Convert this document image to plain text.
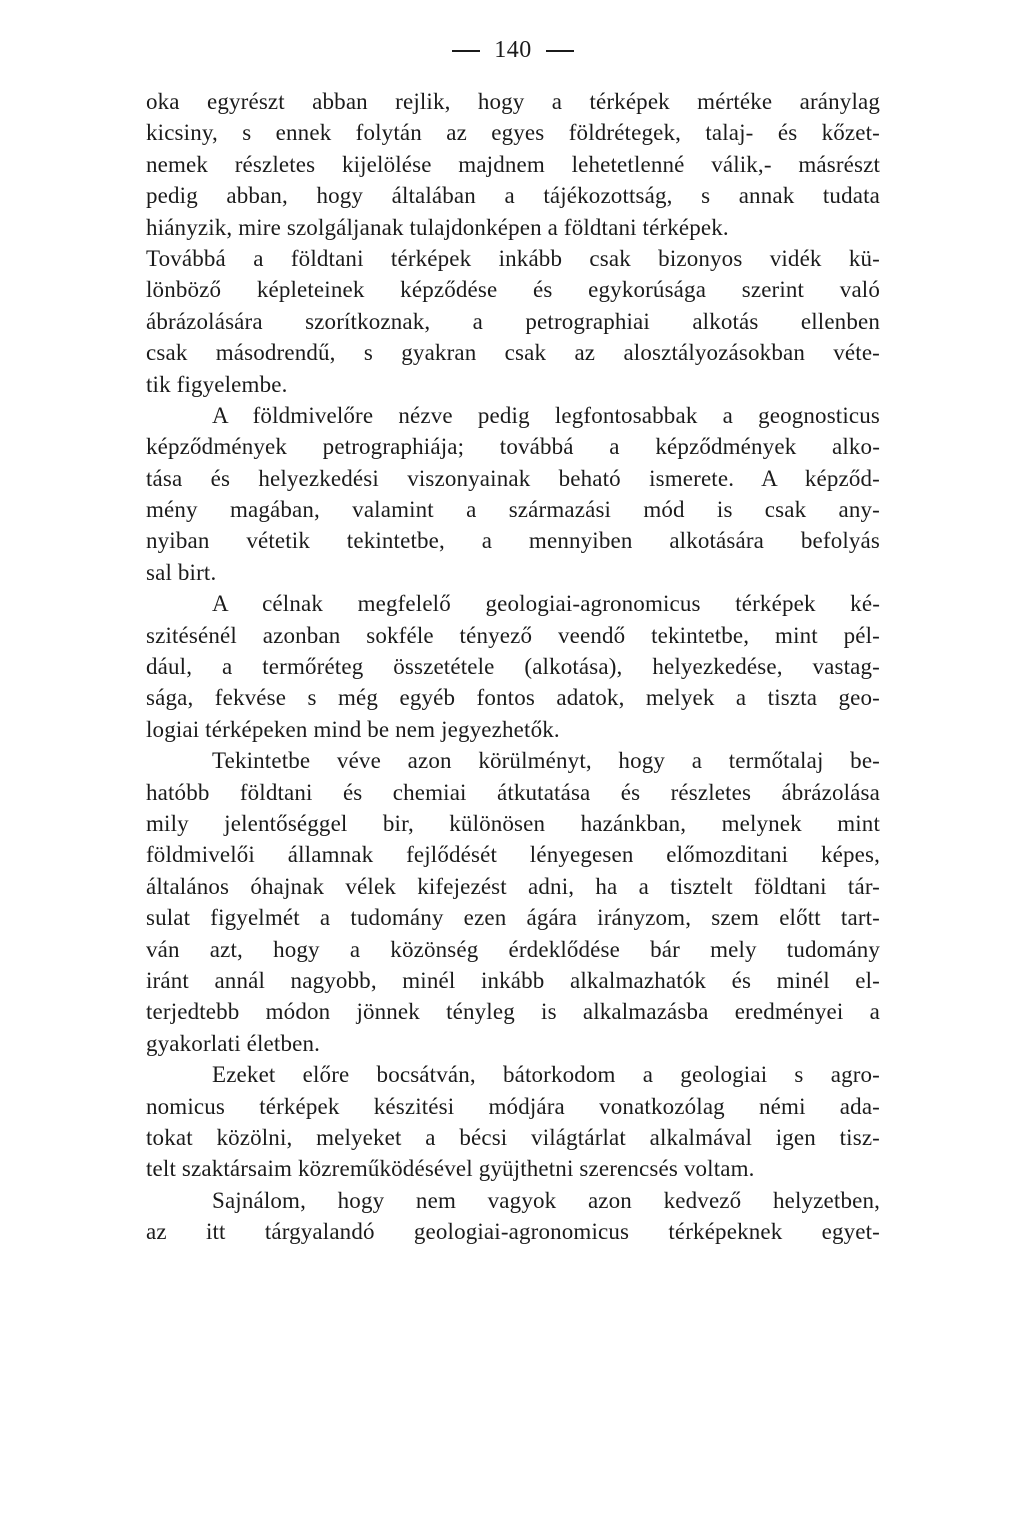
140
oka egyrészt abban rejlik, hogy a térképek mértéke aránylag
kicsiny, s ennek folytán az egyes földrétegek, talaj- és kőzet-
nemek részletes kijelölése majdnem lehetetlenné válik,- másrészt
pedig abban, hogy általában a tájékozottság, s annak tudata
hiányzik, mire szolgáljanak tulajdonképen a földtani térképek.
Továbbá a földtani térképek inkább csak bizonyos vidék kü-
lönböző képleteinek képződése és egykorúsága szerint való
ábrázolására szorítkoznak, a petrographiai alkotás ellenben
csak másodrendű, s gyakran csak az alosztályozásokban véte-
tik figyelembe.
A földmivelőre nézve pedig legfontosabbak a geognosticus
képződmények petrographiája; továbbá a képződmények alko-
tása és helyezkedési viszonyainak beható ismerete. A képződ-
mény magában, valamint a származási mód is csak any-
nyiban vétetik tekintetbe, a mennyiben alkotására befolyás
sal birt.
A célnak megfelelő geologiai-agronomicus térképek ké-
szitésénél azonban sokféle tényező veendő tekintetbe, mint pél-
dául, a termőréteg összetétele (alkotása), helyezkedése, vastag-
sága, fekvése s még egyéb fontos adatok, melyek a tiszta geo-
logiai térképeken mind be nem jegyezhetők.
Tekintetbe véve azon körülményt, hogy a termőtalaj be-
hatóbb földtani és chemiai átkutatása és részletes ábrázolása
mily jelentőséggel bir, különösen hazánkban, melynek mint
földmivelői államnak fejlődését lényegesen előmozditani képes,
általános óhajnak vélek kifejezést adni, ha a tisztelt földtani tár-
sulat figyelmét a tudomány ezen ágára irányzom, szem előtt tart-
ván azt, hogy a közönség érdeklődése bár mely tudomány
iránt annál nagyobb, minél inkább alkalmazhatók és minél el-
terjedtebb módon jönnek tényleg is alkalmazásba eredményei a
gyakorlati életben.
Ezeket előre bocsátván, bátorkodom a geologiai s agro-
nomicus térképek készitési módjára vonatkozólag némi ada-
tokat közölni, melyeket a bécsi világtárlat alkalmával igen tisz-
telt szaktársaim közreműködésével gyüjthetni szerencsés voltam.
Sajnálom, hogy nem vagyok azon kedvező helyzetben,
az itt tárgyalandó geologiai-agronomicus térképeknek egyet-
